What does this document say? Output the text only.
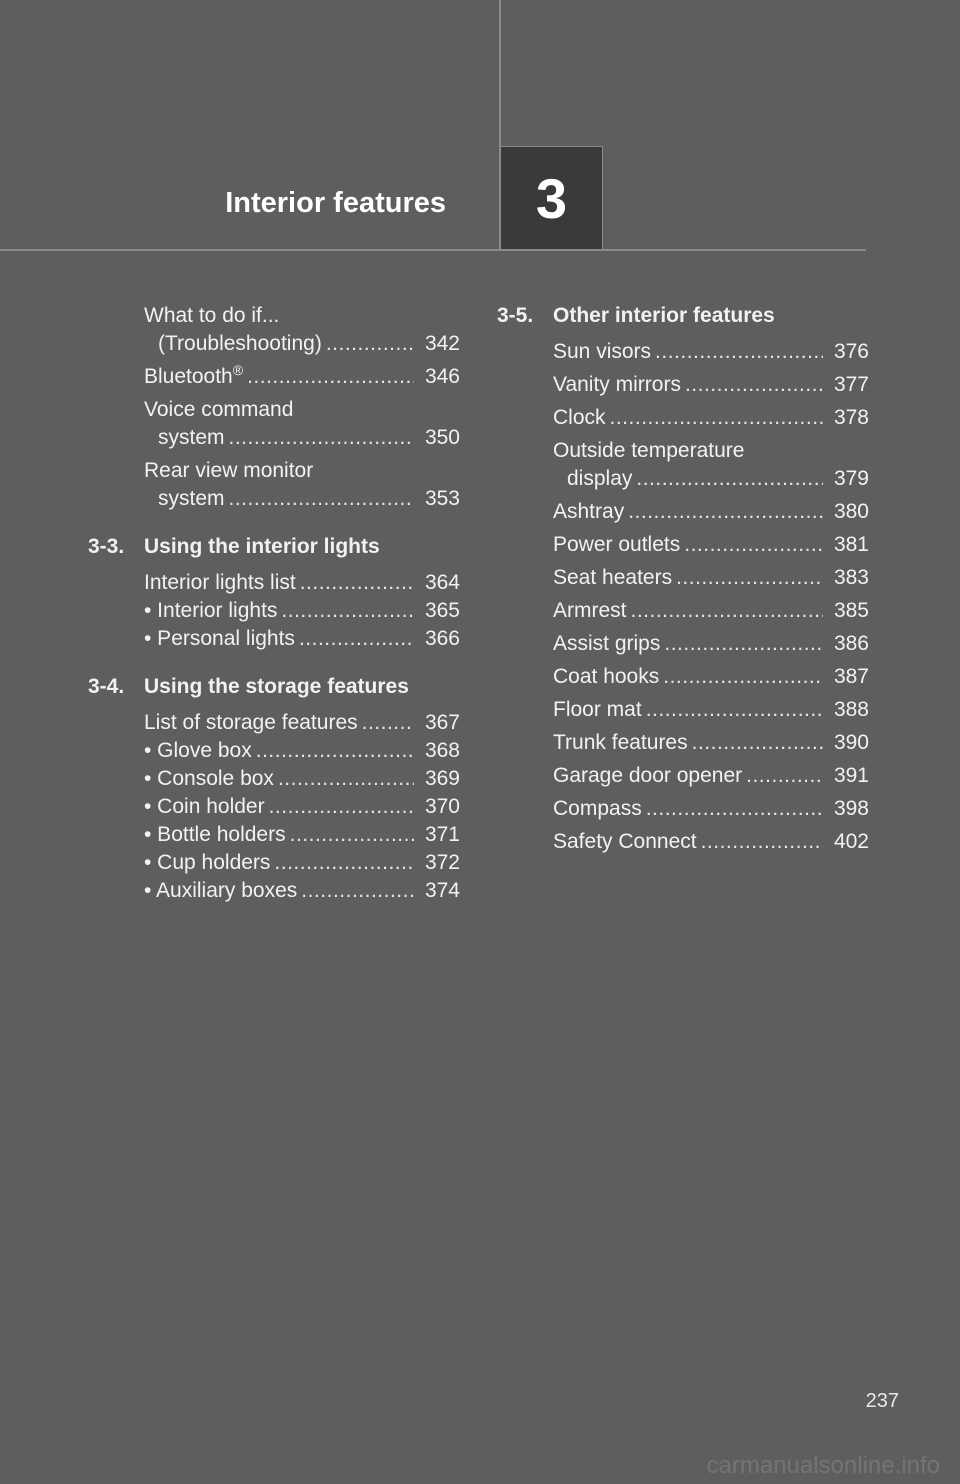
Interior features 3
What to do if...
(Troubleshooting) .....	342
Bluetooth® .....	346
Voice command
system .....	350
Rear view monitor
system .....	353
3-3. Using the interior lights
Interior lights list .....	364
• Interior lights .....	365
• Personal lights .....	366
3-4. Using the storage features
List of storage features .....	367
• Glove box .....	368
• Console box .....	369
• Coin holder .....	370
• Bottle holders .....	371
• Cup holders .....	372
• Auxiliary boxes .....	374
3-5. Other interior features
Sun visors .....	376
Vanity mirrors .....	377
Clock .....	378
Outside temperature
display .....	379
Ashtray .....	380
Power outlets .....	381
Seat heaters .....	383
Armrest .....	385
Assist grips .....	386
Coat hooks .....	387
Floor mat .....	388
Trunk features .....	390
Garage door opener .....	391
Compass .....	398
Safety Connect .....	402
237
carmanualsonline.info
